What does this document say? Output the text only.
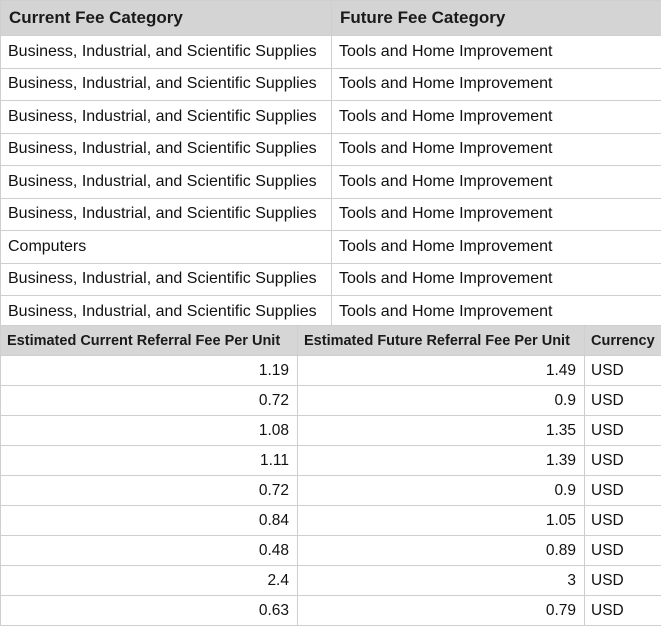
Current Fee Category	Future Fee Category
Business, Industrial, and Scientific Supplies	Tools and Home Improvement
Business, Industrial, and Scientific Supplies	Tools and Home Improvement
Business, Industrial, and Scientific Supplies	Tools and Home Improvement
Business, Industrial, and Scientific Supplies	Tools and Home Improvement
Business, Industrial, and Scientific Supplies	Tools and Home Improvement
Business, Industrial, and Scientific Supplies	Tools and Home Improvement
Computers	Tools and Home Improvement
Business, Industrial, and Scientific Supplies	Tools and Home Improvement
Business, Industrial, and Scientific Supplies	Tools and Home Improvement
Estimated Current Referral Fee Per Unit	Estimated Future Referral Fee Per Unit	Currency
1.19	1.49	USD
0.72	0.9	USD
1.08	1.35	USD
1.11	1.39	USD
0.72	0.9	USD
0.84	1.05	USD
0.48	0.89	USD
2.4	3	USD
0.63	0.79	USD
